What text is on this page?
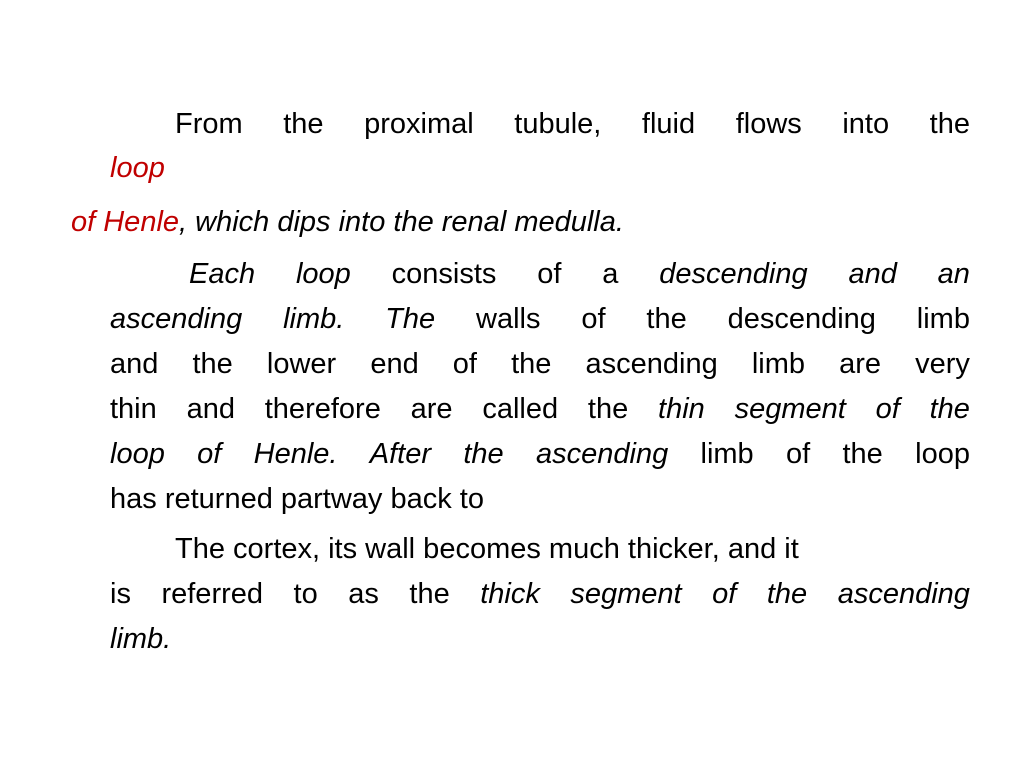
From the proximal tubule, fluid flows into the
loop
of Henle, which dips into the renal medulla.
Each loop consists of a descending and an
ascending limb. The walls of the descending limb
and the lower end of the ascending limb are very
thin and therefore are called the thin segment of the
loop of Henle. After the ascending limb of the loop
has returned partway back to
The cortex, its wall becomes much thicker, and it
is referred to as the thick segment of the ascending
limb.
